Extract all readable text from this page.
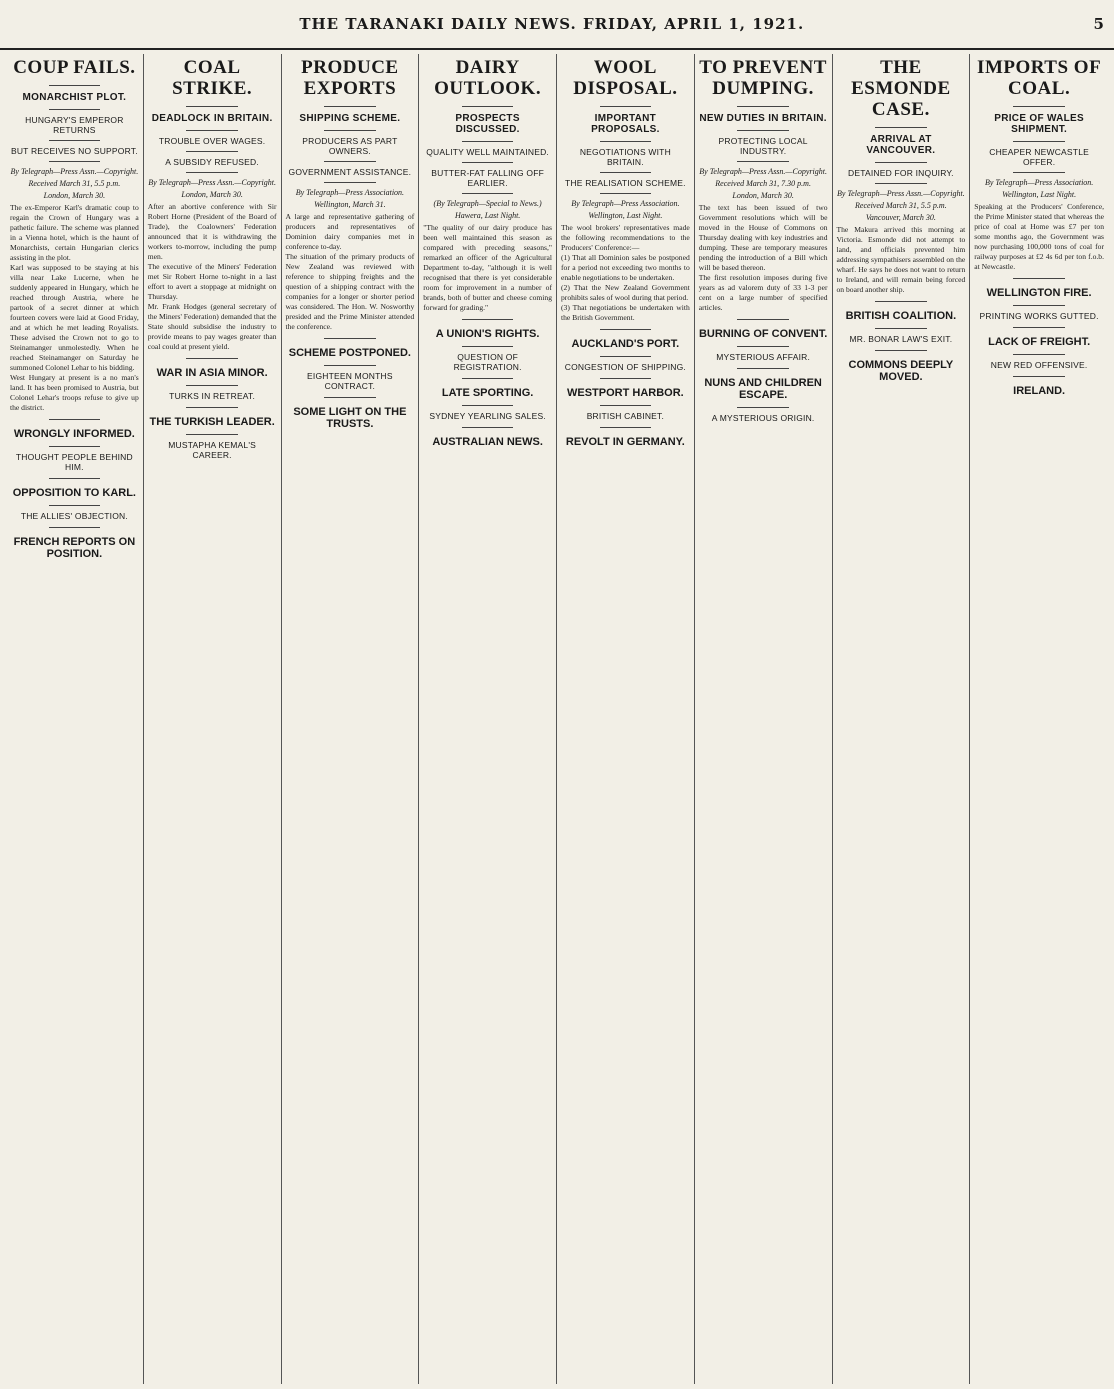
THE TARANAKI DAILY NEWS. FRIDAY, APRIL 1, 1921.	5
COUP FAILS.
MONARCHIST PLOT.
HUNGARY'S EMPEROR RETURNS
BUT RECEIVES NO SUPPORT.
By Telegraph—Press Assn.—Copyright.
Received March 31, 5.5 p.m.
London, March 30.
The ex-Emperor Karl's dramatic coup to regain the Crown of Hungary was a pathetic failure. The scheme was planned in a Vienna hotel, which is the haunt of Monarchists, certain Hungarian clerics assisting in the plot.
Karl was supposed to be staying at his villa near Lake Lucerne, when he suddenly appeared in Hungary, which he reached through Austria, where he partook of a secret dinner at which fourteen covers were laid at Good Friday, and at which he met leading Royalists. These advised the Crown not to go to Steinamanger unmolestedly. When he reached Steinamanger on Saturday he summoned Colonel Lehar to his bidding.
West Hungary at present is a no man's land. It has been promised to Austria, but Colonel Lehar's troops refuse to give up the district.
WRONGLY INFORMED.
THOUGHT PEOPLE BEHIND HIM.
OPPOSITION TO KARL.
THE ALLIES' OBJECTION.
FRENCH REPORTS ON POSITION.
COAL STRIKE.
DEADLOCK IN BRITAIN.
TROUBLE OVER WAGES.
A SUBSIDY REFUSED.
By Telegraph—Press Assn.—Copyright.
London, March 30.
After an abortive conference with Sir Robert Horne (President of the Board of Trade), the Coalowners' Federation announced that it is withdrawing the workers to-morrow, including the pump men.
The executive of the Miners' Federation met Sir Robert Horne to-night in a last effort to avert a stoppage at midnight on Thursday.
Mr. Frank Hodges (general secretary of the Miners' Federation) demanded that the State should subsidise the industry to provide means to pay wages greater than coal could at present yield.
WAR IN ASIA MINOR.
TURKS IN RETREAT.
THE TURKISH LEADER.
MUSTAPHA KEMAL'S CAREER.
PRODUCE EXPORTS
SHIPPING SCHEME.
PRODUCERS AS PART OWNERS.
GOVERNMENT ASSISTANCE.
By Telegraph—Press Association.
Wellington, March 31.
A large and representative gathering of producers and representatives of Dominion dairy companies met in conference to-day.
The situation of the primary products of New Zealand was reviewed with reference to shipping freights and the question of a shipping contract with the companies for a longer or shorter period was considered. The Hon. W. Nosworthy presided and the Prime Minister attended the conference.
SCHEME POSTPONED.
EIGHTEEN MONTHS CONTRACT.
SOME LIGHT ON THE TRUSTS.
DAIRY OUTLOOK.
PROSPECTS DISCUSSED.
QUALITY WELL MAINTAINED.
BUTTER-FAT FALLING OFF EARLIER.
(By Telegraph—Special to News.)
Hawera, Last Night.
"The quality of our dairy produce has been well maintained this season as compared with preceding seasons," remarked an officer of the Agricultural Department to-day, "although it is well recognised that there is yet considerable room for improvement in a number of brands, both of butter and cheese coming forward for grading."
A UNION'S RIGHTS.
QUESTION OF REGISTRATION.
LATE SPORTING.
SYDNEY YEARLING SALES.
AUSTRALIAN NEWS.
WOOL DISPOSAL.
IMPORTANT PROPOSALS.
NEGOTIATIONS WITH BRITAIN.
THE REALISATION SCHEME.
By Telegraph—Press Association.
Wellington, Last Night.
The wool brokers' representatives made the following recommendations to the Producers' Conference:—
(1) That all Dominion sales be postponed for a period not exceeding two months to enable negotiations to be undertaken.
(2) That the New Zealand Government prohibits sales of wool during that period.
(3) That negotiations be undertaken with the British Government.
AUCKLAND'S PORT.
CONGESTION OF SHIPPING.
WESTPORT HARBOR.
BRITISH CABINET.
REVOLT IN GERMANY.
TO PREVENT DUMPING.
NEW DUTIES IN BRITAIN.
PROTECTING LOCAL INDUSTRY.
By Telegraph—Press Assn.—Copyright.
Received March 31, 7.30 p.m.
London, March 30.
The text has been issued of two Government resolutions which will be moved in the House of Commons on Thursday dealing with key industries and dumping. These are temporary measures pending the introduction of a Bill which will be based thereon.
The first resolution imposes during five years as ad valorem duty of 33 1-3 per cent on a large number of specified articles.
BURNING OF CONVENT.
MYSTERIOUS AFFAIR.
NUNS AND CHILDREN ESCAPE.
A MYSTERIOUS ORIGIN.
THE ESMONDE CASE.
ARRIVAL AT VANCOUVER.
DETAINED FOR INQUIRY.
By Telegraph—Press Assn.—Copyright.
Received March 31, 5.5 p.m.
Vancouver, March 30.
The Makura arrived this morning at Victoria. Esmonde did not attempt to land, and officials prevented him addressing sympathisers assembled on the wharf. He says he does not want to return to Ireland, and will remain being forced on board another ship.
BRITISH COALITION.
MR. BONAR LAW'S EXIT.
COMMONS DEEPLY MOVED.
IMPORTS OF COAL.
PRICE OF WALES SHIPMENT.
CHEAPER NEWCASTLE OFFER.
By Telegraph—Press Association.
Wellington, Last Night.
Speaking at the Producers' Conference, the Prime Minister stated that whereas the price of coal at Home was £7 per ton some months ago, the Government was now purchasing 100,000 tons of coal for railway purposes at £2 4s 6d per ton f.o.b. at Newcastle.
WELLINGTON FIRE.
PRINTING WORKS GUTTED.
LACK OF FREIGHT.
NEW RED OFFENSIVE.
IRELAND.
